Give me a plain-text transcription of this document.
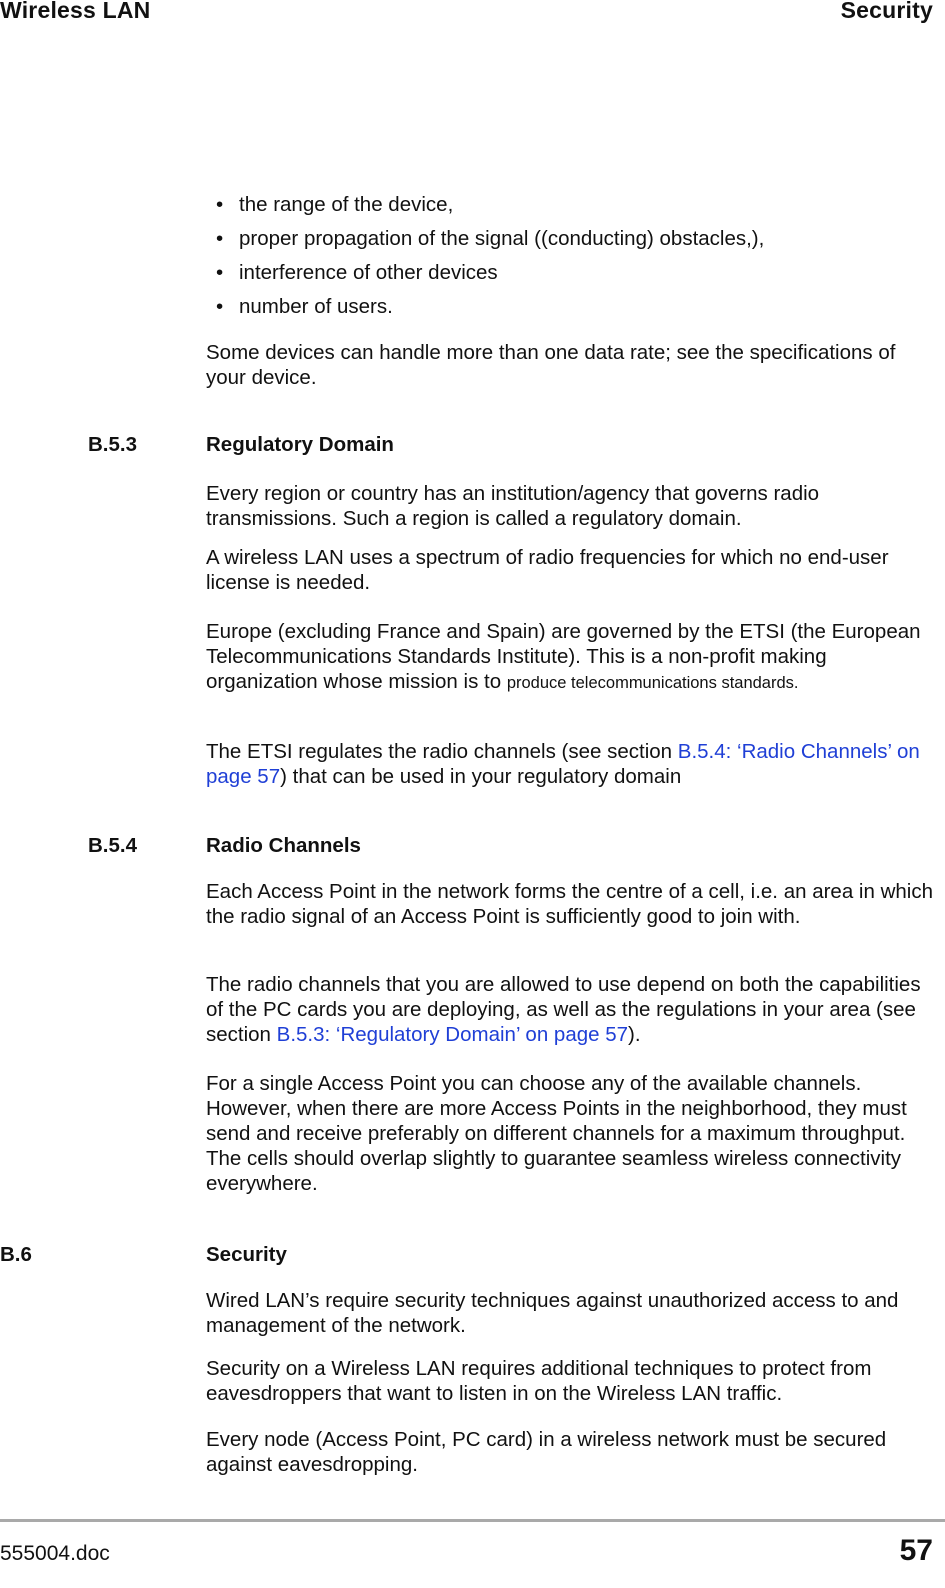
Wireless LAN	Security
• the range of the device,
• proper propagation of the signal ((conducting) obstacles,),
• interference of other devices
• number of users.

Some devices can handle more than one data rate; see the specifications of your device.

B.5.3	Regulatory Domain

Every region or country has an institution/agency that governs radio transmissions. Such a region is called a regulatory domain.

A wireless LAN uses a spectrum of radio frequencies for which no end-user license is needed.

Europe (excluding France and Spain) are governed by the ETSI (the European Telecommunications Standards Institute). This is a non-profit making organization whose mission is to produce telecommunications standards.

The ETSI regulates the radio channels (see section B.5.4: ‘Radio Channels’ on page 57) that can be used in your regulatory domain

B.5.4	Radio Channels

Each Access Point in the network forms the centre of a cell, i.e. an area in which the radio signal of an Access Point is sufficiently good to join with.

The radio channels that you are allowed to use depend on both the capabilities of the PC cards you are deploying, as well as the regulations in your area (see section B.5.3: ‘Regulatory Domain’ on page 57).

For a single Access Point you can choose any of the available channels. However, when there are more Access Points in the neighborhood, they must send and receive preferably on different channels for a maximum throughput. The cells should overlap slightly to guarantee seamless wireless connectivity everywhere.

B.6	Security

Wired LAN’s require security techniques against unauthorized access to and management of the network.

Security on a Wireless LAN requires additional techniques to protect from eavesdroppers that want to listen in on the Wireless LAN traffic.

Every node (Access Point, PC card) in a wireless network must be secured against eavesdropping.

555004.doc	57
